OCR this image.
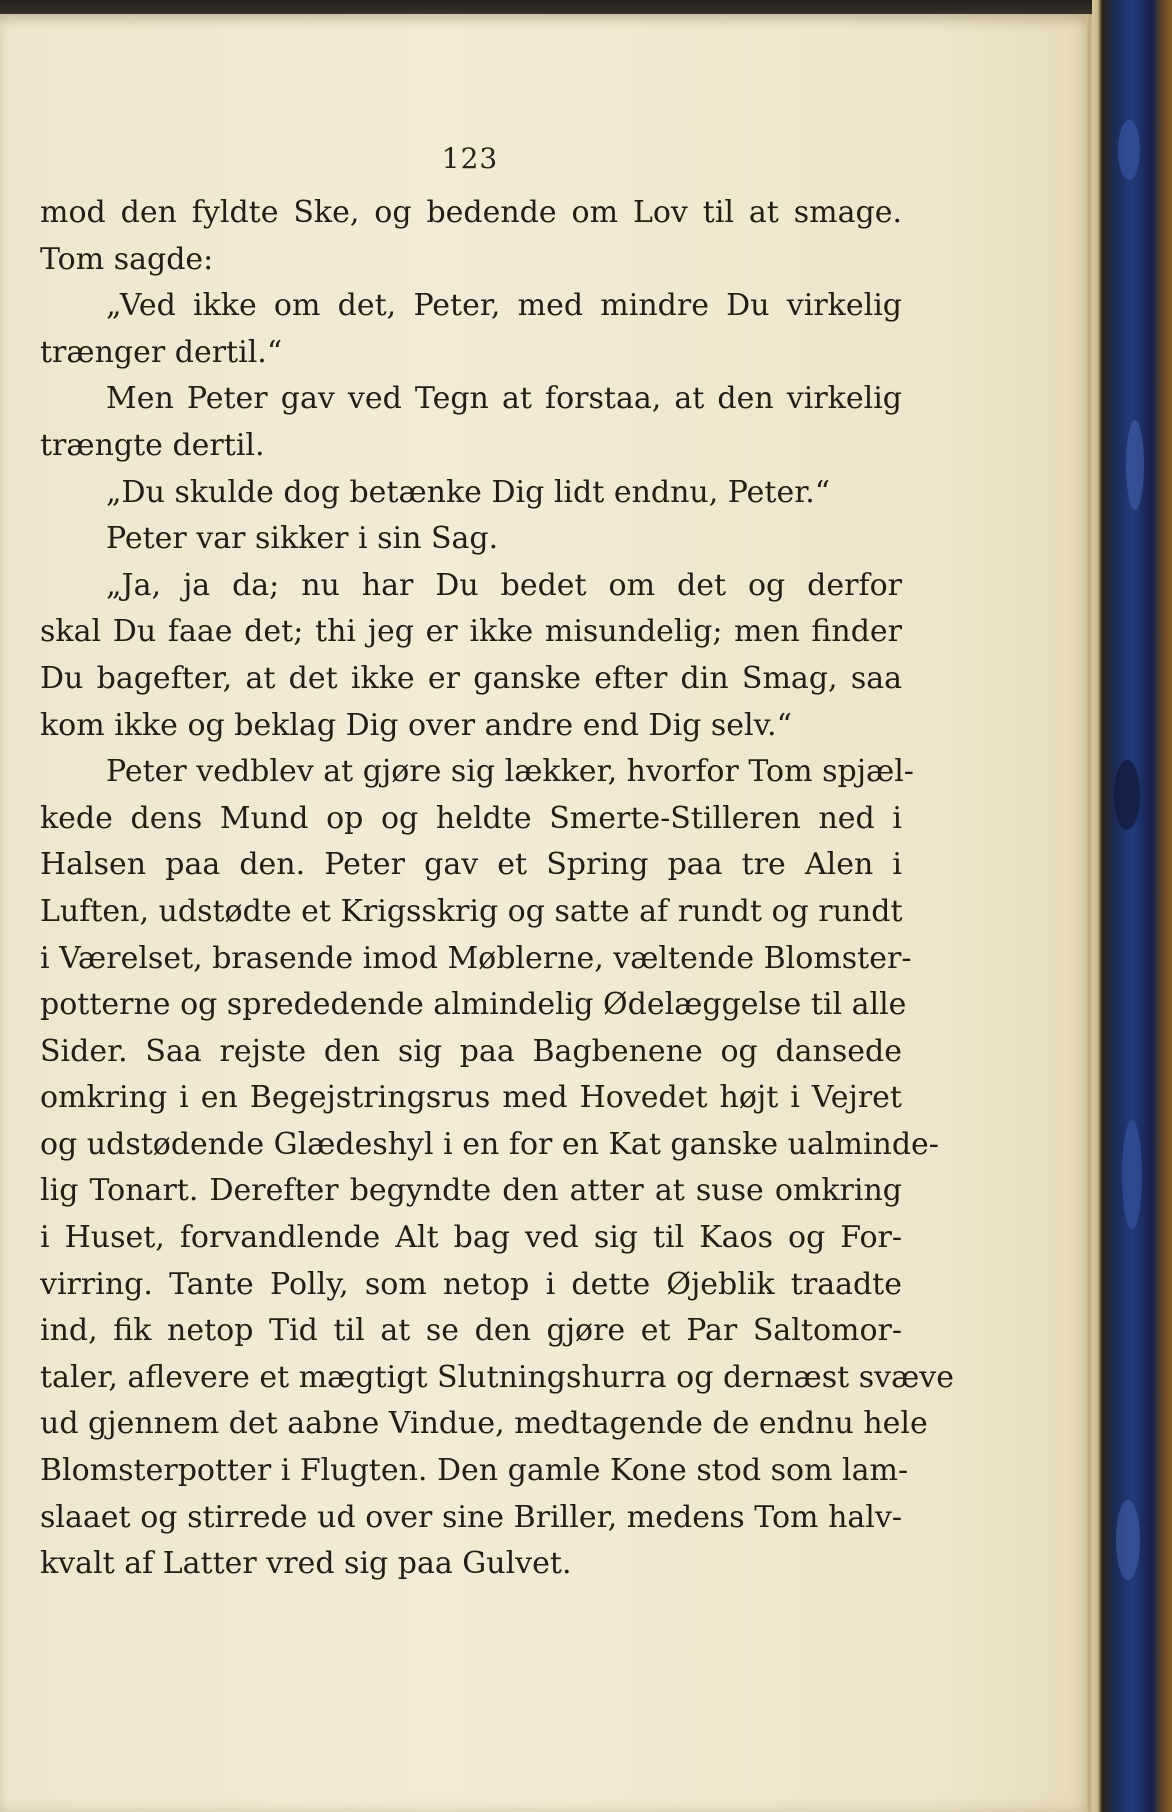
123
mod den fyldte Ske, og bedende om Lov til at smage.
Tom sagde:
„Ved ikke om det, Peter, med mindre Du virkelig
trænger dertil.“
Men Peter gav ved Tegn at forstaa, at den virkelig
trængte dertil.
„Du skulde dog betænke Dig lidt endnu, Peter.“
Peter var sikker i sin Sag.
„Ja, ja da; nu har Du bedet om det og derfor
skal Du faae det; thi jeg er ikke misundelig; men finder
Du bagefter, at det ikke er ganske efter din Smag, saa
kom ikke og beklag Dig over andre end Dig selv.“
Peter vedblev at gjøre sig lækker, hvorfor Tom spjæl-
kede dens Mund op og heldte Smerte-Stilleren ned i
Halsen paa den. Peter gav et Spring paa tre Alen i
Luften, udstødte et Krigsskrig og satte af rundt og rundt
i Værelset, brasende imod Møblerne, væltende Blomster-
potterne og sprededende almindelig Ødelæggelse til alle
Sider. Saa rejste den sig paa Bagbenene og dansede
omkring i en Begejstringsrus med Hovedet højt i Vejret
og udstødende Glædeshyl i en for en Kat ganske ualminde-
lig Tonart. Derefter begyndte den atter at suse omkring
i Huset, forvandlende Alt bag ved sig til Kaos og For-
virring. Tante Polly, som netop i dette Øjeblik traadte
ind, fik netop Tid til at se den gjøre et Par Saltomor-
taler, aflevere et mægtigt Slutningshurra og dernæst svæve
ud gjennem det aabne Vindue, medtagende de endnu hele
Blomsterpotter i Flugten. Den gamle Kone stod som lam-
slaaet og stirrede ud over sine Briller, medens Tom halv-
kvalt af Latter vred sig paa Gulvet.
